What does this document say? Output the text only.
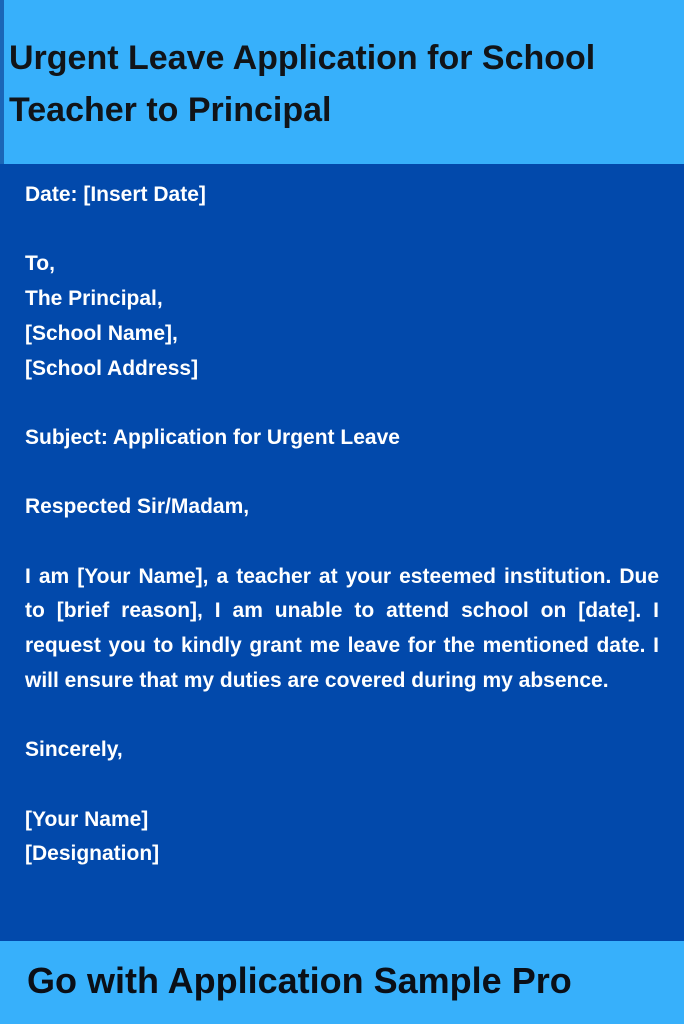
Urgent Leave Application for School Teacher to Principal

Date: [Insert Date]

To,

The Principal,

[School Name],

[School Address]

Subject: Application for Urgent Leave

Respected Sir/Madam,

I am [Your Name], a teacher at your esteemed institution. Due to [brief reason], I am unable to attend school on [date]. I request you to kindly grant me leave for the mentioned date. I will ensure that my duties are covered during my absence.

Sincerely,

[Your Name]

[Designation]

Go with Application Sample Pro
